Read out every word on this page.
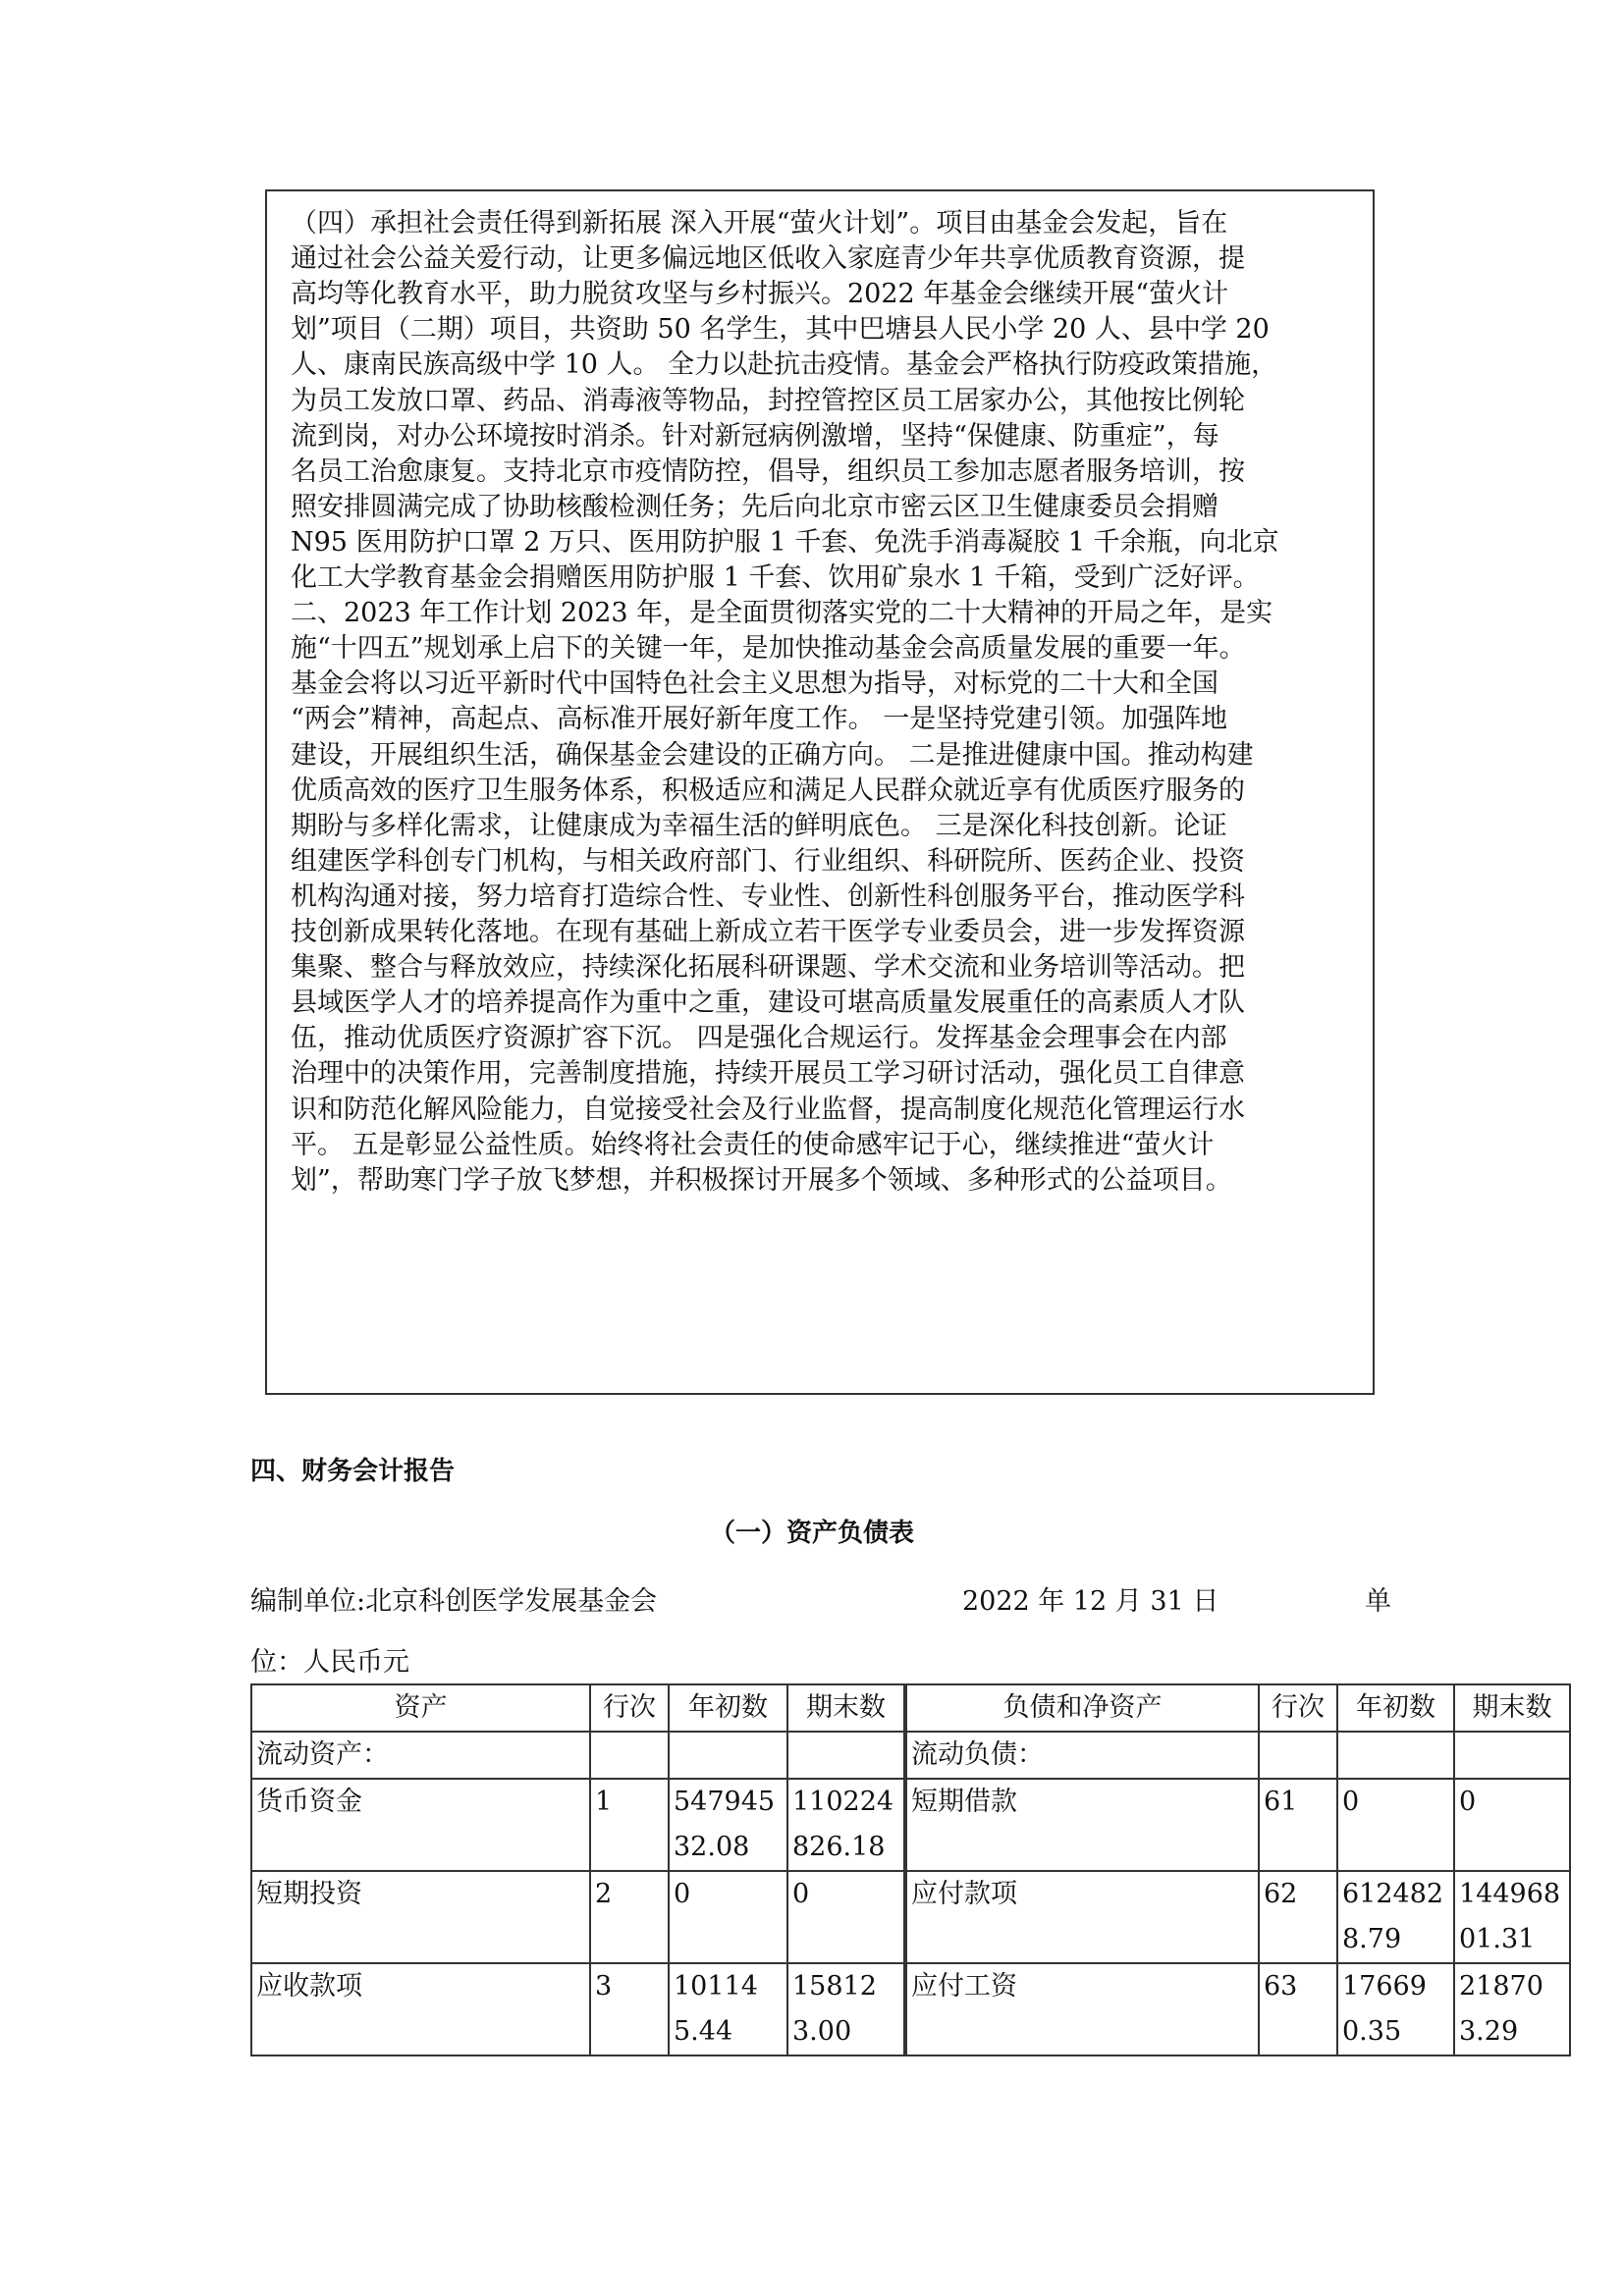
（四）承担社会责任得到新拓展 深入开展“萤火计划”。项目由基金会发起，旨在
通过社会公益关爱行动，让更多偏远地区低收入家庭青少年共享优质教育资源，提
高均等化教育水平，助力脱贫攻坚与乡村振兴。2022 年基金会继续开展“萤火计
划”项目（二期）项目，共资助 50 名学生，其中巴塘县人民小学 20 人、县中学 20
人、康南民族高级中学 10 人。 全力以赴抗击疫情。基金会严格执行防疫政策措施，
为员工发放口罩、药品、消毒液等物品，封控管控区员工居家办公，其他按比例轮
流到岗，对办公环境按时消杀。针对新冠病例激增，坚持“保健康、防重症”，每
名员工治愈康复。支持北京市疫情防控，倡导，组织员工参加志愿者服务培训，按
照安排圆满完成了协助核酸检测任务；先后向北京市密云区卫生健康委员会捐赠
N95 医用防护口罩 2 万只、医用防护服 1 千套、免洗手消毒凝胶 1 千余瓶，向北京
化工大学教育基金会捐赠医用防护服 1 千套、饮用矿泉水 1 千箱，受到广泛好评。
二、2023 年工作计划 2023 年，是全面贯彻落实党的二十大精神的开局之年，是实
施“十四五”规划承上启下的关键一年，是加快推动基金会高质量发展的重要一年。
基金会将以习近平新时代中国特色社会主义思想为指导，对标党的二十大和全国
“两会”精神，高起点、高标准开展好新年度工作。 一是坚持党建引领。加强阵地
建设，开展组织生活，确保基金会建设的正确方向。 二是推进健康中国。推动构建
优质高效的医疗卫生服务体系，积极适应和满足人民群众就近享有优质医疗服务的
期盼与多样化需求，让健康成为幸福生活的鲜明底色。 三是深化科技创新。论证
组建医学科创专门机构，与相关政府部门、行业组织、科研院所、医药企业、投资
机构沟通对接，努力培育打造综合性、专业性、创新性科创服务平台，推动医学科
技创新成果转化落地。在现有基础上新成立若干医学专业委员会，进一步发挥资源
集聚、整合与释放效应，持续深化拓展科研课题、学术交流和业务培训等活动。把
县域医学人才的培养提高作为重中之重，建设可堪高质量发展重任的高素质人才队
伍，推动优质医疗资源扩容下沉。 四是强化合规运行。发挥基金会理事会在内部
治理中的决策作用，完善制度措施，持续开展员工学习研讨活动，强化员工自律意
识和防范化解风险能力，自觉接受社会及行业监督，提高制度化规范化管理运行水
平。 五是彰显公益性质。始终将社会责任的使命感牢记于心，继续推进“萤火计
划”，帮助寒门学子放飞梦想，并积极探讨开展多个领域、多种形式的公益项目。
四、财务会计报告
（一）资产负债表
编制单位:北京科创医学发展基金会	2022 年 12 月 31 日	单
位：人民币元
资产	行次	年初数	期末数	负债和净资产	行次	年初数	期末数
流动资产：				流动负债：			
货币资金	1	54794532.08	110224826.18	短期借款	61	0	0
短期投资	2	0	0	应付款项	62	6124828.79	14496801.31
应收款项	3	101145.44	158123.00	应付工资	63	176690.35	218703.29
